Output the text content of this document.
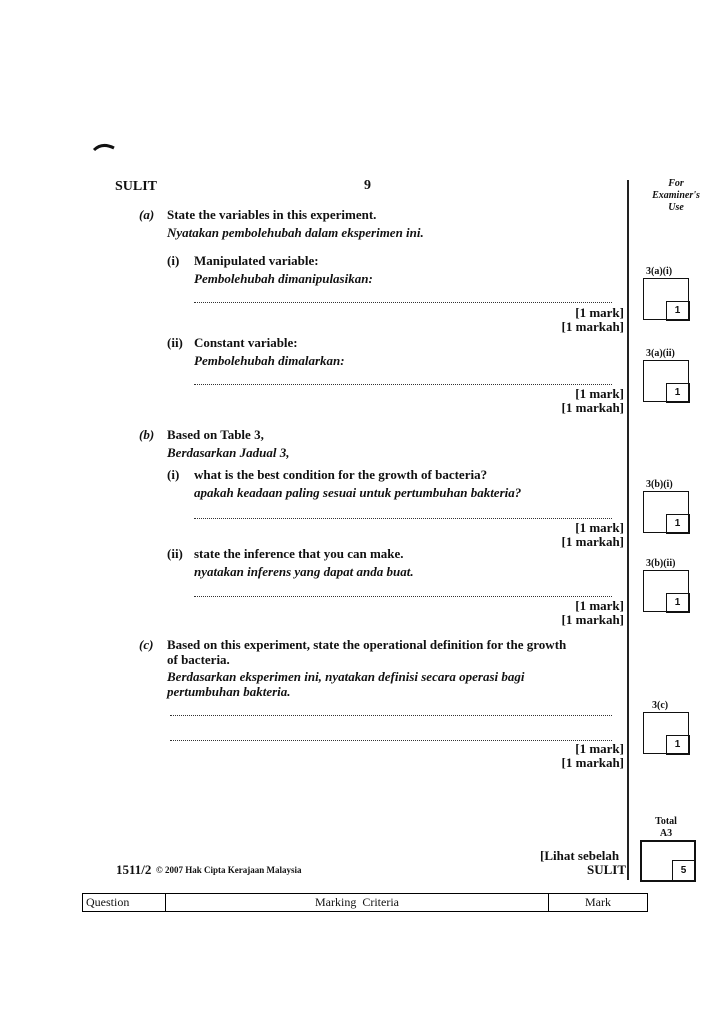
SULIT	9	For
Examiner's
Use
(a) State the variables in this experiment.
Nyatakan pembolehubah dalam eksperimen ini.
(i) Manipulated variable:
Pembolehubah dimanipulasikan:
[1 mark]
[1 markah]
(ii) Constant variable:
Pembolehubah dimalarkan:
[1 mark]
[1 markah]
(b) Based on Table 3,
Berdasarkan Jadual 3,
(i) what is the best condition for the growth of bacteria?
apakah keadaan paling sesuai untuk pertumbuhan bakteria?
[1 mark]
[1 markah]
(ii) state the inference that you can make.
nyatakan inferens yang dapat anda buat.
[1 mark]
[1 markah]
(c) Based on this experiment, state the operational definition for the growth
of bacteria.
Berdasarkan eksperimen ini, nyatakan definisi secara operasi bagi
pertumbuhan bakteria.
[1 mark]
[1 markah]
3(a)(i)
1
3(a)(ii)
1
3(b)(i)
1
3(b)(ii)
1
3(c)
1
Total
A3
5
1511/2 © 2007 Hak Cipta Kerajaan Malaysia
[Lihat sebelah
SULIT
Question	Marking  Criteria	Mark
